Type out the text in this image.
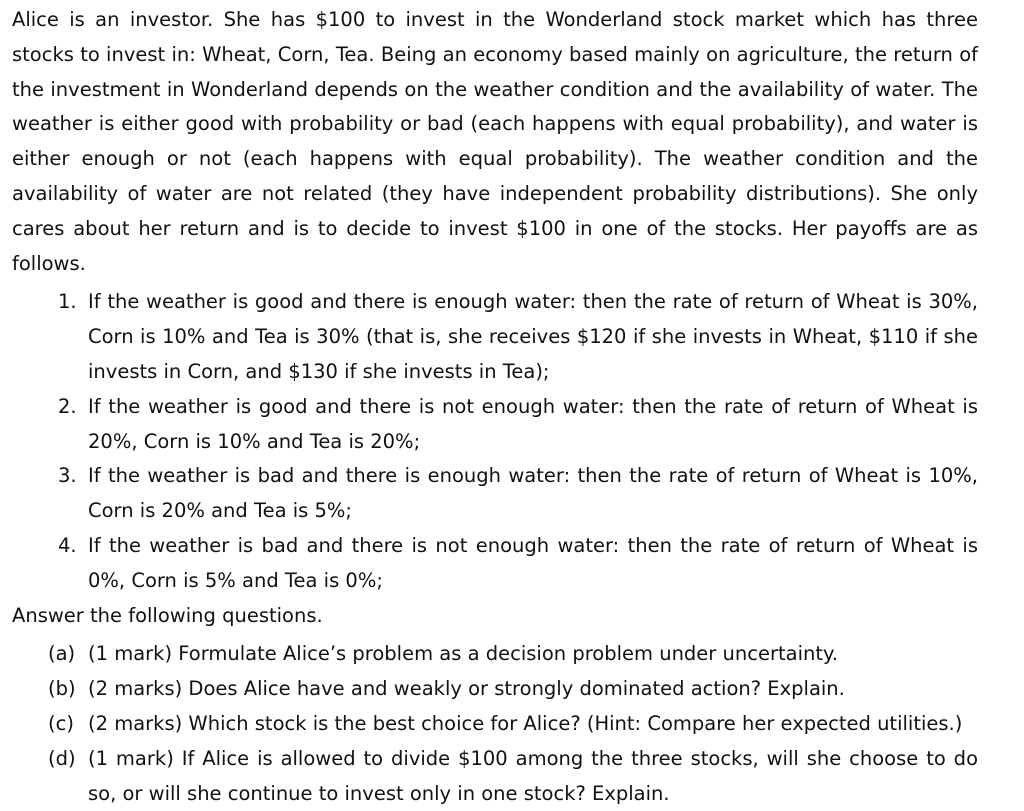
Alice is an investor. She has $100 to invest in the Wonderland stock market which has three stocks to invest in: Wheat, Corn, Tea. Being an economy based mainly on agriculture, the return of the investment in Wonderland depends on the weather condition and the availability of water. The weather is either good with probability or bad (each happens with equal probability), and water is either enough or not (each happens with equal probability). The weather condition and the availability of water are not related (they have independent probability distributions). She only cares about her return and is to decide to invest $100 in one of the stocks. Her payoffs are as follows.

1. If the weather is good and there is enough water: then the rate of return of Wheat is 30%, Corn is 10% and Tea is 30% (that is, she receives $120 if she invests in Wheat, $110 if she invests in Corn, and $130 if she invests in Tea);
2. If the weather is good and there is not enough water: then the rate of return of Wheat is 20%, Corn is 10% and Tea is 20%;
3. If the weather is bad and there is enough water: then the rate of return of Wheat is 10%, Corn is 20% and Tea is 5%;
4. If the weather is bad and there is not enough water: then the rate of return of Wheat is 0%, Corn is 5% and Tea is 0%;

Answer the following questions.

(a) (1 mark) Formulate Alice’s problem as a decision problem under uncertainty.
(b) (2 marks) Does Alice have and weakly or strongly dominated action? Explain.
(c) (2 marks) Which stock is the best choice for Alice? (Hint: Compare her expected utilities.)
(d) (1 mark) If Alice is allowed to divide $100 among the three stocks, will she choose to do so, or will she continue to invest only in one stock? Explain.
